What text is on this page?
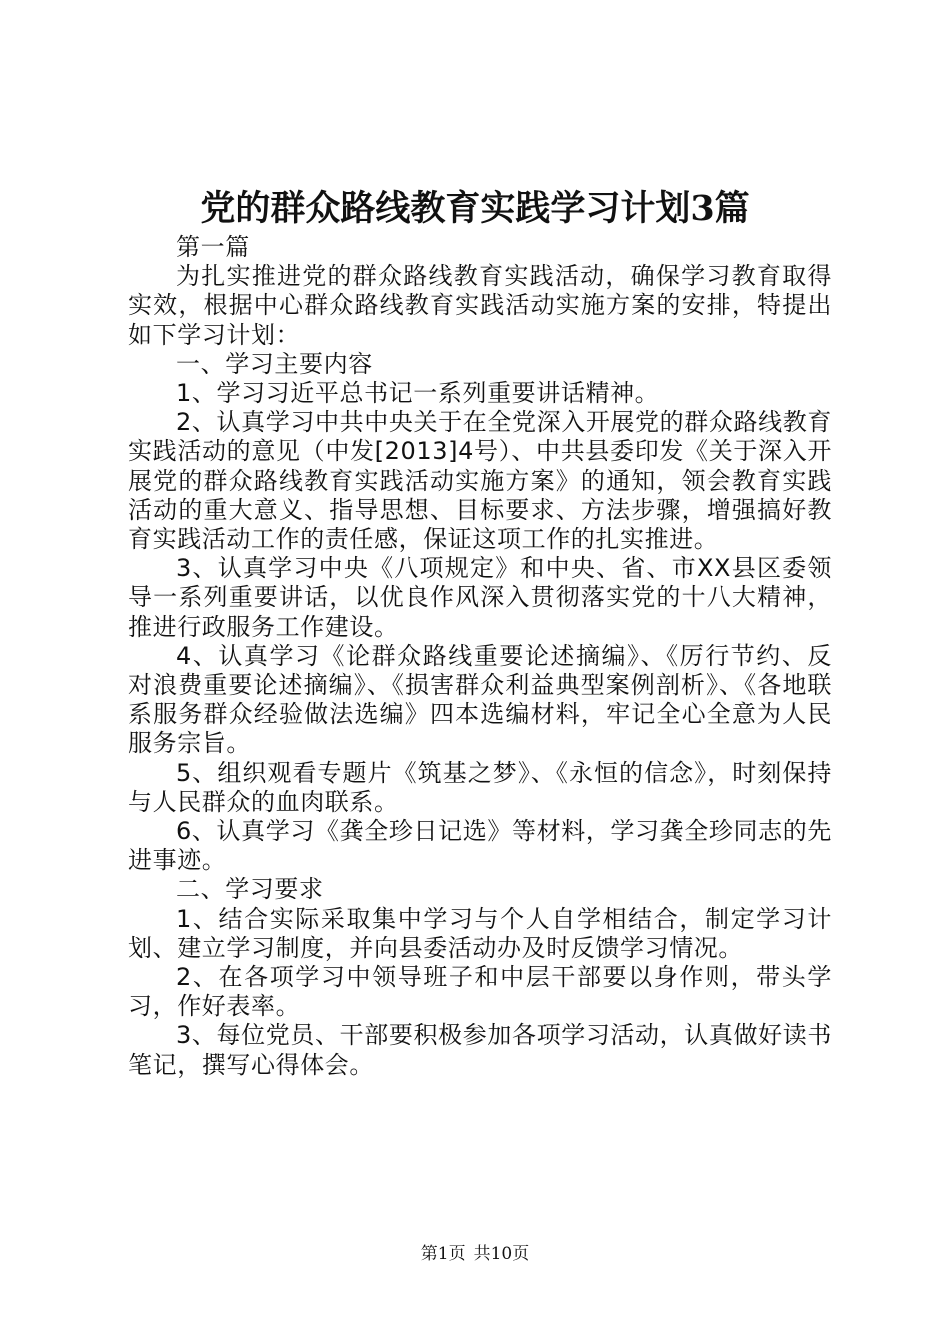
党的群众路线教育实践学习计划3篇

第一篇

为扎实推进党的群众路线教育实践活动，确保学习教育取得实效，根据中心群众路线教育实践活动实施方案的安排，特提出如下学习计划：

一、学习主要内容

1、学习习近平总书记一系列重要讲话精神。

2、认真学习中共中央关于在全党深入开展党的群众路线教育实践活动的意见（中发[2013]4号）、中共县委印发《关于深入开展党的群众路线教育实践活动实施方案》的通知，领会教育实践活动的重大意义、指导思想、目标要求、方法步骤，增强搞好教育实践活动工作的责任感，保证这项工作的扎实推进。

3、认真学习中央《八项规定》和中央、省、市XX县区委领导一系列重要讲话，以优良作风深入贯彻落实党的十八大精神，推进行政服务工作建设。

4、认真学习《论群众路线重要论述摘编》、《厉行节约、反对浪费重要论述摘编》、《损害群众利益典型案例剖析》、《各地联系服务群众经验做法选编》四本选编材料，牢记全心全意为人民服务宗旨。

5、组织观看专题片《筑基之梦》、《永恒的信念》，时刻保持与人民群众的血肉联系。

6、认真学习《龚全珍日记选》等材料，学习龚全珍同志的先进事迹。

二、学习要求

1、结合实际采取集中学习与个人自学相结合，制定学习计划、建立学习制度，并向县委活动办及时反馈学习情况。

2、在各项学习中领导班子和中层干部要以身作则，带头学习，作好表率。

3、每位党员、干部要积极参加各项学习活动，认真做好读书笔记，撰写心得体会。

第1页 共10页
